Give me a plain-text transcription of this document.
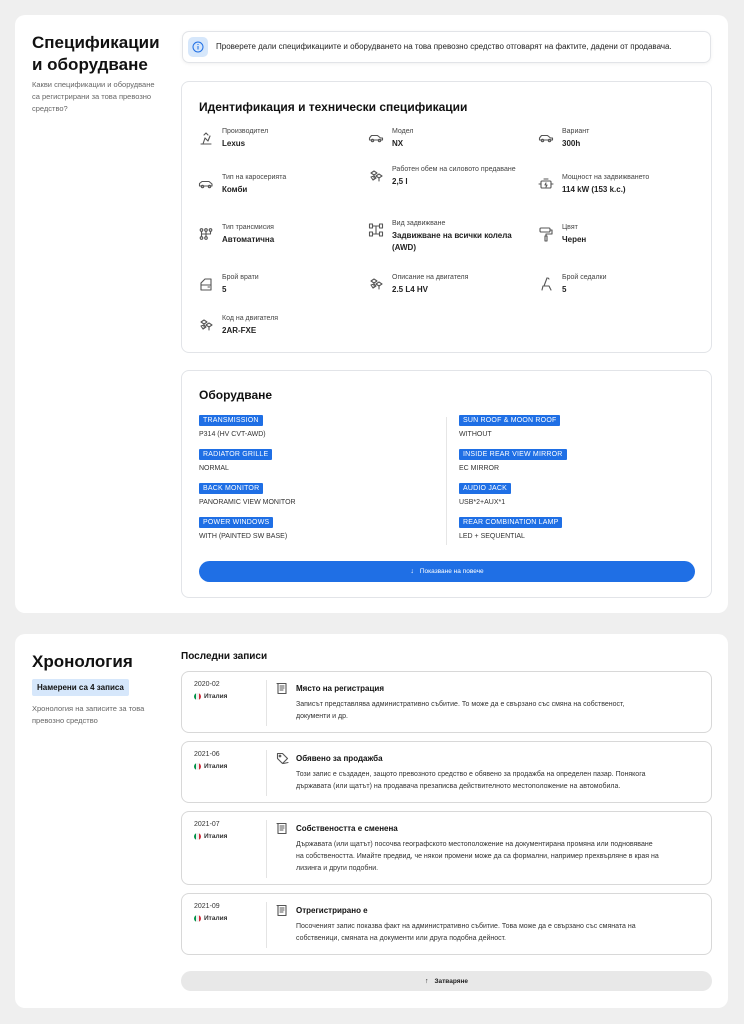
Спецификации и оборудване
Какви спецификации и оборудване са регистрирани за това превозно средство?
Проверете дали спецификациите и оборудването на това превозно средство отговарят на фактите, дадени от продавача.
Идентификация и технически спецификации
Производител
Lexus
Модел
NX
Вариант
300h
Тип на каросерията
Комби
Работен обем на силовото предаване
2,5 l	Мощност на задвижването
114 kW (153 k.c.)
Тип трансмисия
Автоматична
Вид задвижване
Задвижване на всички колела (AWD)
Цвят
Черен
Брой врати
5
Описание на двигателя
2.5 L4 HV
Брой седалки
5
Код на двигателя
2AR-FXE
Оборудване
TRANSMISSION
P314 (HV CVT-AWD)
RADIATOR GRILLE
NORMAL
BACK MONITOR
PANORAMIC VIEW MONITOR
POWER WINDOWS
WITH (PAINTED SW BASE)
SUN ROOF & MOON ROOF
WITHOUT
INSIDE REAR VIEW MIRROR
EC MIRROR
AUDIO JACK
USB*2+AUX*1
REAR COMBINATION LAMP
LED + SEQUENTIAL
↓ Показване на повече
Хронология
Намерени са 4 записа
Хронология на записите за това превозно средство
Последни записи
2020-02
Италия
Място на регистрация
Записът представлява административно събитие. То може да е свързано със смяна на собственост,
документи и др.
2021-06
Италия
Обявено за продажба
Този запис е създаден, защото превозното средство е обявено за продажба на определен пазар. Понякога
държавата (или щатът) на продавача презаписва действителното местоположение на автомобила.
2021-07
Италия
Собствеността е сменена
Държавата (или щатът) посочва географското местоположение на документирана промяна или подновяване
на собствеността. Имайте предвид, че някои промени може да са формални, например прехвърляне в края на
лизинга и други подобни.
2021-09
Италия
Отрегистрирано е
Посоченият запис показва факт на административно събитие. Това може да е свързано със смяната на
собственици, смяната на документи или друга подобна дейност.
↑ Затваряне
